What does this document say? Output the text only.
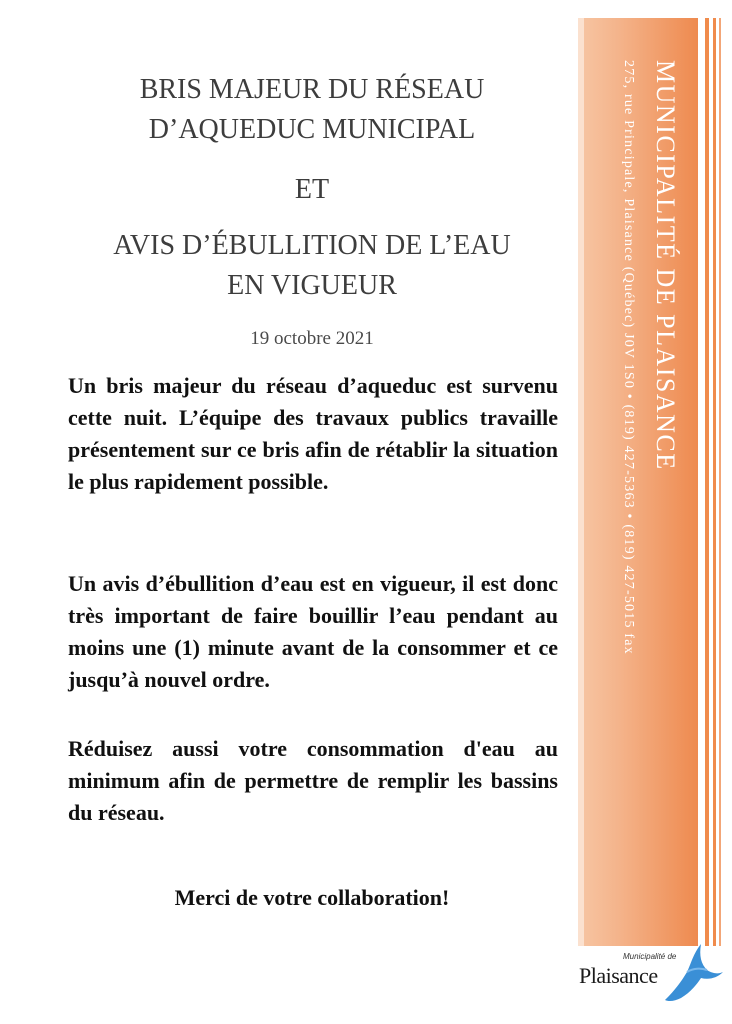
BRIS MAJEUR DU RÉSEAU
D’AQUEDUC MUNICIPAL
ET
AVIS D’ÉBULLITION DE L’EAU
EN VIGUEUR
19 octobre 2021

Un bris majeur du réseau d’aqueduc est survenu cette nuit. L’équipe des travaux publics travaille présentement sur ce bris afin de rétablir la situation le plus rapidement possible.

Un avis d’ébullition d’eau est en vigueur, il est donc très important de faire bouillir l’eau pendant au moins une (1) minute avant de la consommer et ce jusqu’à nouvel ordre.

Réduisez aussi votre consommation d'eau au minimum afin de permettre de remplir les bassins du réseau.

Merci de votre collaboration!
MUNICIPALITÉ DE PLAISANCE
275, rue Principale, Plaisance (Québec) J0V 1S0 • (819) 427-5363 • (819) 427-5015 fax
Municipalité de
Plaisance
